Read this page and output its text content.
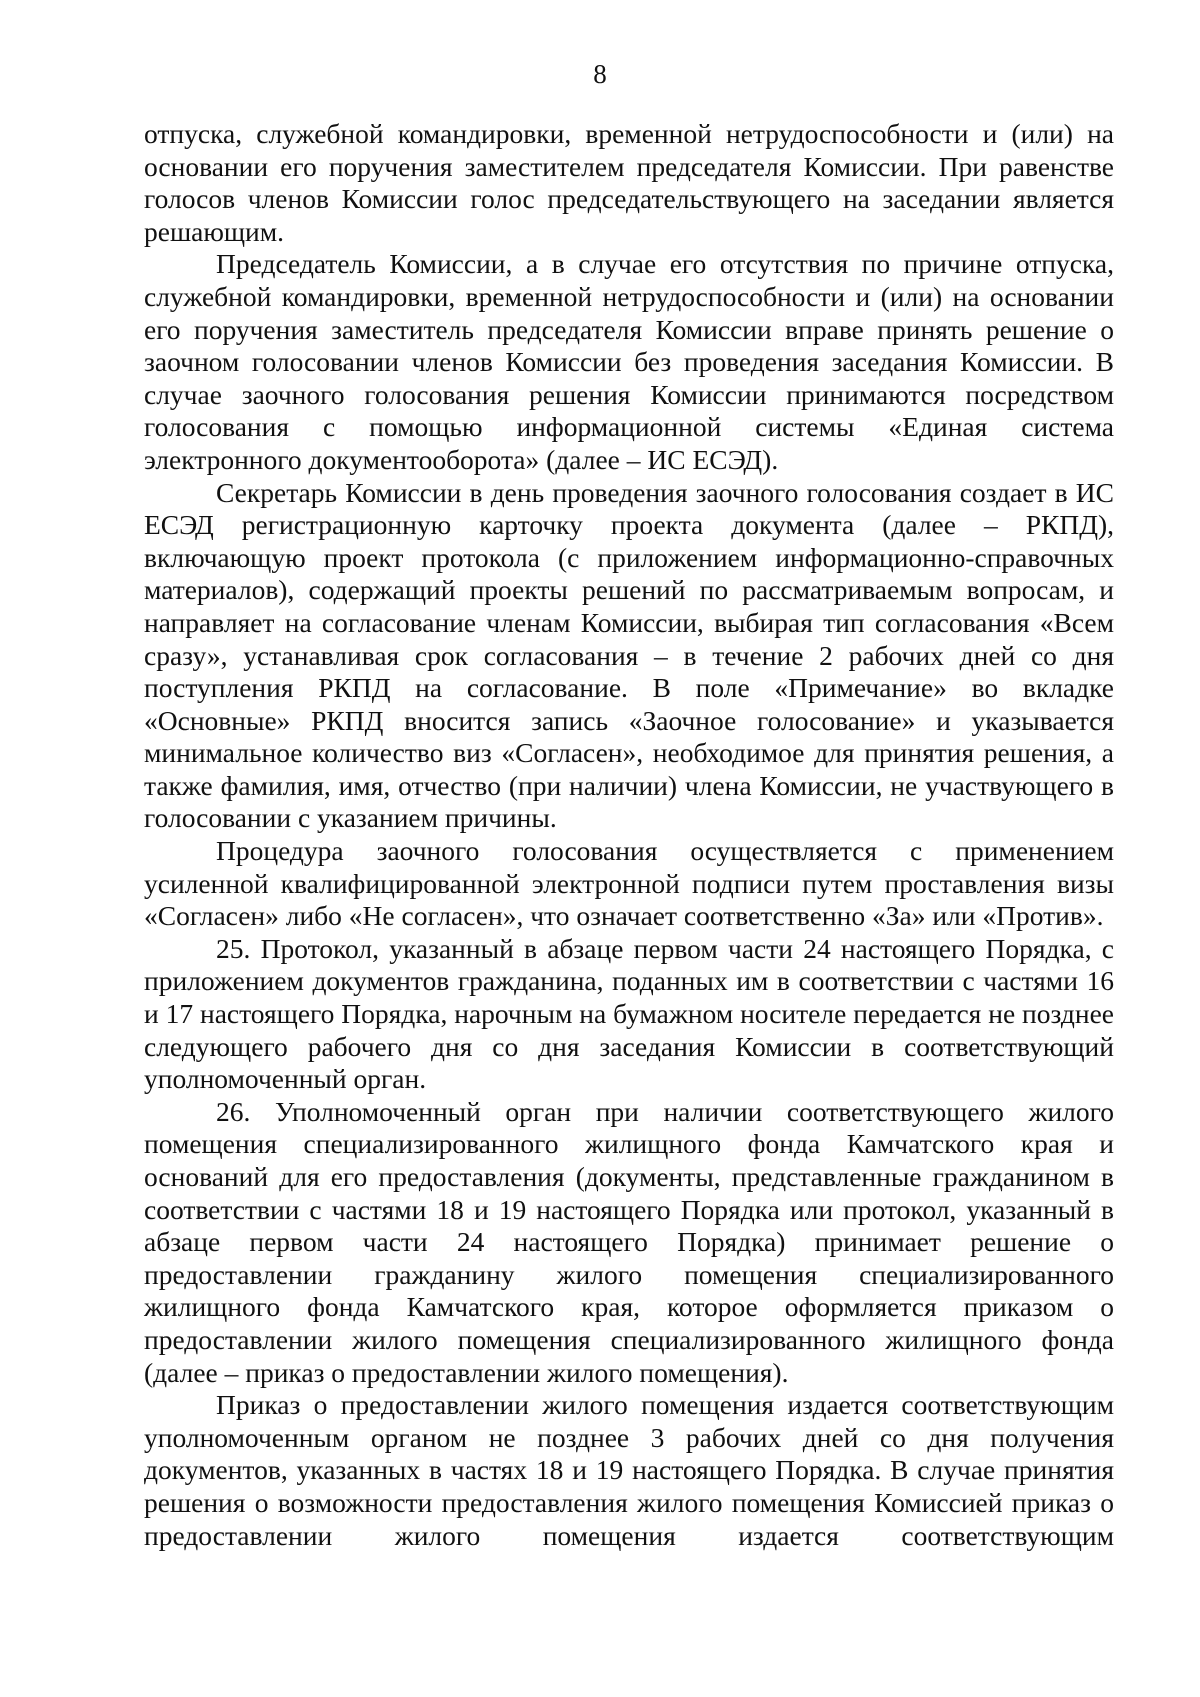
8

отпуска, служебной командировки, временной нетрудоспособности и (или) на основании его поручения заместителем председателя Комиссии. При равенстве голосов членов Комиссии голос председательствующего на заседании является решающим.

Председатель Комиссии, а в случае его отсутствия по причине отпуска, служебной командировки, временной нетрудоспособности и (или) на основании его поручения заместитель председателя Комиссии вправе принять решение о заочном голосовании членов Комиссии без проведения заседания Комиссии. В случае заочного голосования решения Комиссии принимаются посредством голосования с помощью информационной системы «Единая система электронного документооборота» (далее – ИС ЕСЭД).

Секретарь Комиссии в день проведения заочного голосования создает в ИС ЕСЭД регистрационную карточку проекта документа (далее – РКПД), включающую проект протокола (с приложением информационно-справочных материалов), содержащий проекты решений по рассматриваемым вопросам, и направляет на согласование членам Комиссии, выбирая тип согласования «Всем сразу», устанавливая срок согласования – в течение 2 рабочих дней со дня поступления РКПД на согласование. В поле «Примечание» во вкладке «Основные» РКПД вносится запись «Заочное голосование» и указывается минимальное количество виз «Согласен», необходимое для принятия решения, а также фамилия, имя, отчество (при наличии) члена Комиссии, не участвующего в голосовании с указанием причины.

Процедура заочного голосования осуществляется с применением усиленной квалифицированной электронной подписи путем проставления визы «Согласен» либо «Не согласен», что означает соответственно «За» или «Против».

25. Протокол, указанный в абзаце первом части 24 настоящего Порядка, с приложением документов гражданина, поданных им в соответствии с частями 16 и 17 настоящего Порядка, нарочным на бумажном носителе передается не позднее следующего рабочего дня со дня заседания Комиссии в соответствующий уполномоченный орган.

26. Уполномоченный орган при наличии соответствующего жилого помещения специализированного жилищного фонда Камчатского края и оснований для его предоставления (документы, представленные гражданином в соответствии с частями 18 и 19 настоящего Порядка или протокол, указанный в абзаце первом части 24 настоящего Порядка) принимает решение о предоставлении гражданину жилого помещения специализированного жилищного фонда Камчатского края, которое оформляется приказом о предоставлении жилого помещения специализированного жилищного фонда (далее – приказ о предоставлении жилого помещения).

Приказ о предоставлении жилого помещения издается соответствующим уполномоченным органом не позднее 3 рабочих дней со дня получения документов, указанных в частях 18 и 19 настоящего Порядка. В случае принятия решения о возможности предоставления жилого помещения Комиссией приказ о предоставлении жилого помещения издается соответствующим
